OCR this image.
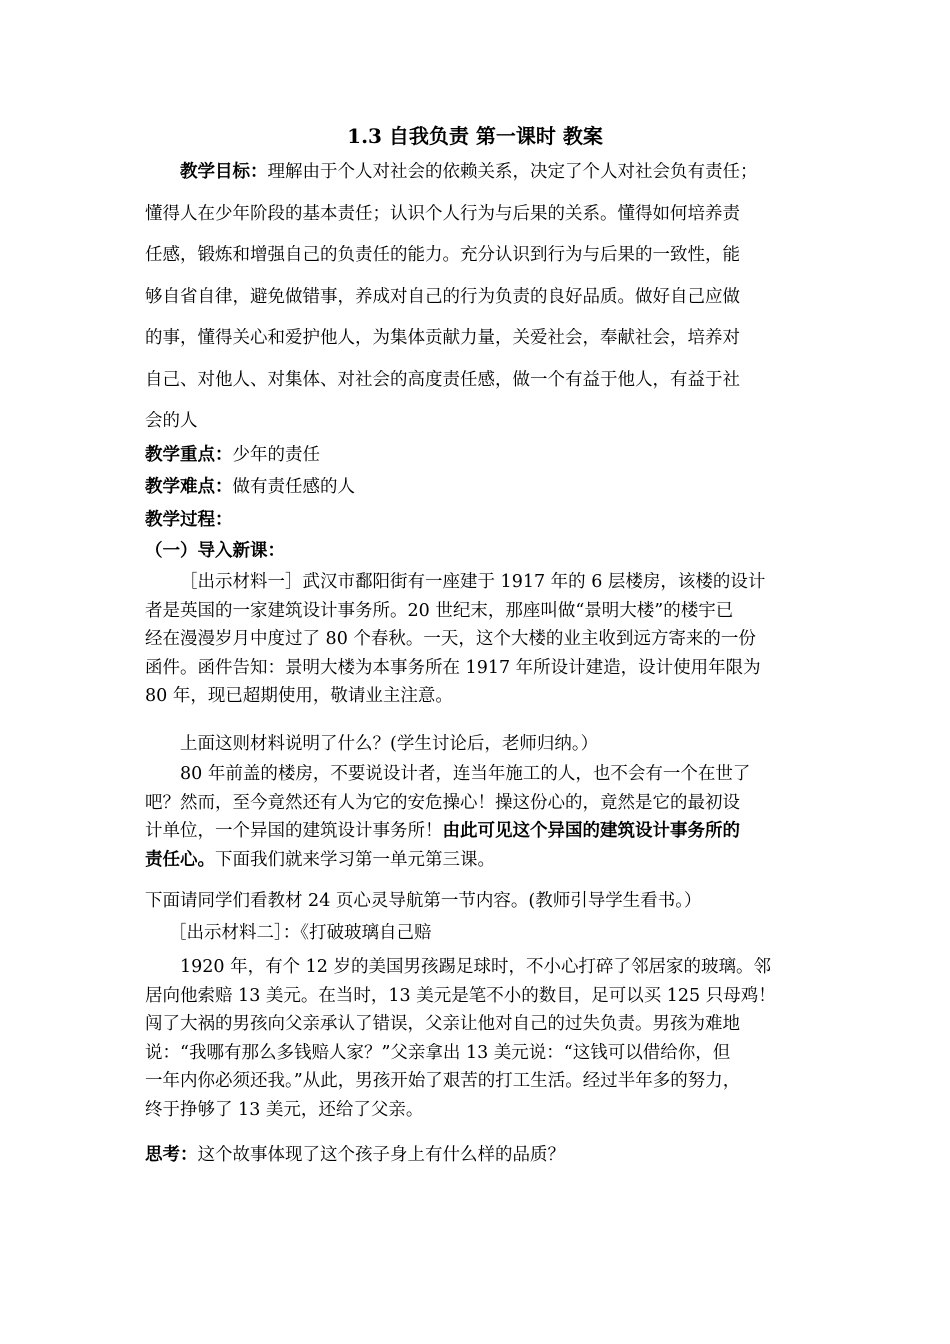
1.3 自我负责 第一课时 教案

教学目标：理解由于个人对社会的依赖关系，决定了个人对社会负有责任；
懂得人在少年阶段的基本责任；认识个人行为与后果的关系。懂得如何培养责
任感，锻炼和增强自己的负责任的能力。充分认识到行为与后果的一致性，能
够自省自律，避免做错事，养成对自己的行为负责的良好品质。做好自己应做
的事，懂得关心和爱护他人，为集体贡献力量，关爱社会，奉献社会，培养对
自己、对他人、对集体、对社会的高度责任感，做一个有益于他人，有益于社
会的人

教学重点：少年的责任

教学难点：做有责任感的人

教学过程：

（一）导入新课：

［出示材料一］武汉市鄱阳街有一座建于 1917 年的 6 层楼房，该楼的设计
者是英国的一家建筑设计事务所。20 世纪末，那座叫做“景明大楼”的楼宇已
经在漫漫岁月中度过了 80 个春秋。一天，这个大楼的业主收到远方寄来的一份
函件。函件告知：景明大楼为本事务所在 1917 年所设计建造，设计使用年限为
80 年，现已超期使用，敬请业主注意。

上面这则材料说明了什么？(学生讨论后，老师归纳。）

80 年前盖的楼房，不要说设计者，连当年施工的人，也不会有一个在世了
吧？然而，至今竟然还有人为它的安危操心！操这份心的，竟然是它的最初设
计单位，一个异国的建筑设计事务所！由此可见这个异国的建筑设计事务所的
责任心。下面我们就来学习第一单元第三课。

下面请同学们看教材 24 页心灵导航第一节内容。(教师引导学生看书。）

［出示材料二］：《打破玻璃自己赔

1920 年，有个 12 岁的美国男孩踢足球时，不小心打碎了邻居家的玻璃。邻
居向他索赔 13 美元。在当时，13 美元是笔不小的数目，足可以买 125 只母鸡！
闯了大祸的男孩向父亲承认了错误，父亲让他对自己的过失负责。男孩为难地
说：“我哪有那么多钱赔人家？”父亲拿出 13 美元说：“这钱可以借给你，但
一年内你必须还我。”从此，男孩开始了艰苦的打工生活。经过半年多的努力，
终于挣够了 13 美元，还给了父亲。

思考：这个故事体现了这个孩子身上有什么样的品质？
